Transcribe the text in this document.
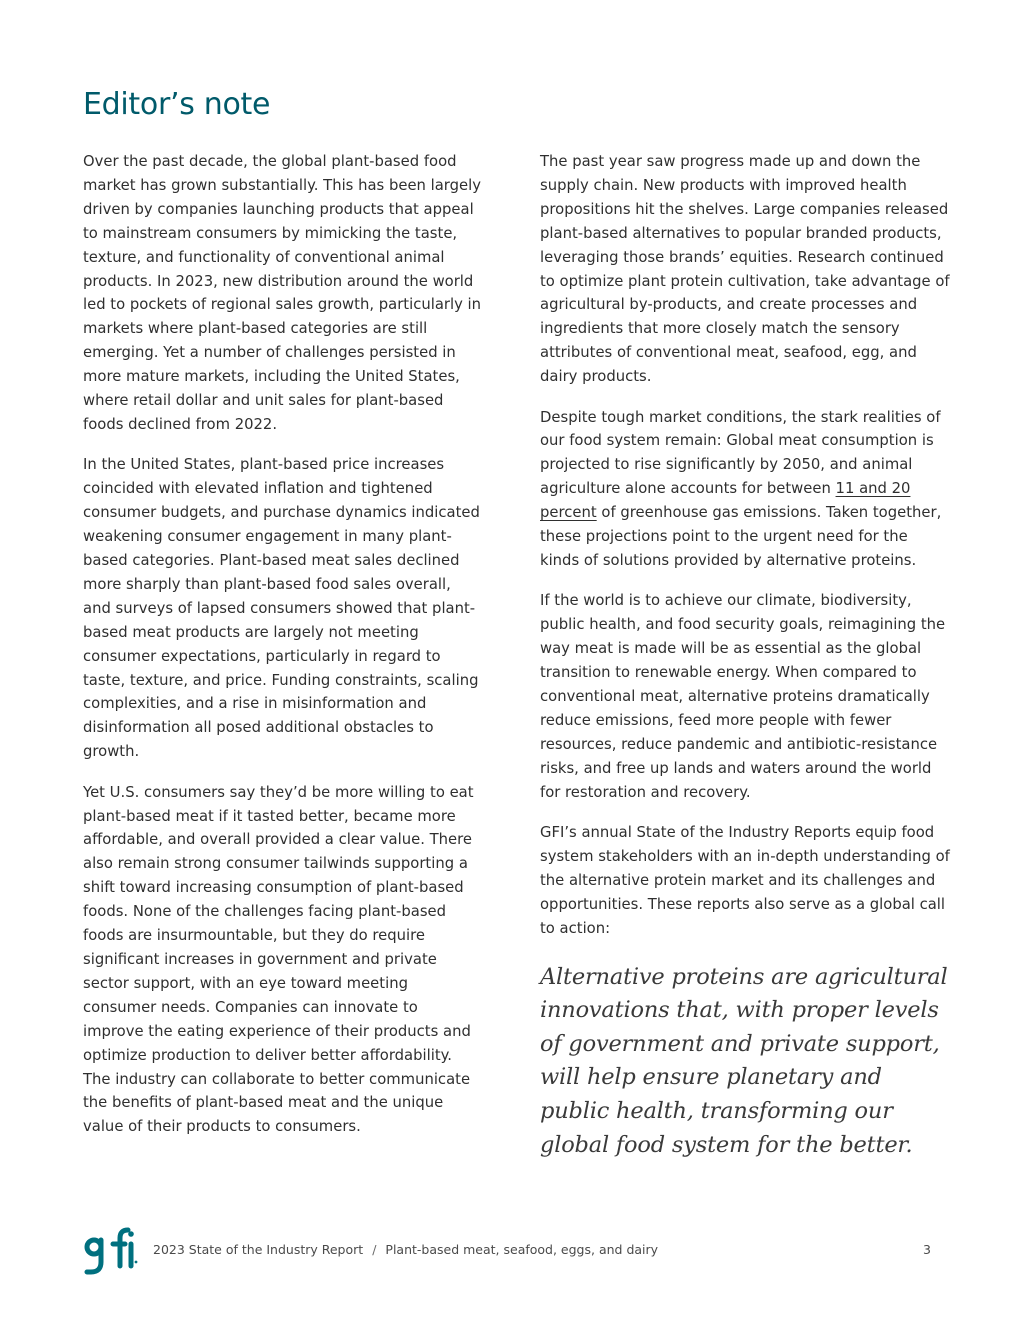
Editor’s note

Over the past decade, the global plant-based food market has grown substantially. This has been largely driven by companies launching products that appeal to mainstream consumers by mimicking the taste, texture, and functionality of conventional animal products. In 2023, new distribution around the world led to pockets of regional sales growth, particularly in markets where plant-based categories are still emerging. Yet a number of challenges persisted in more mature markets, including the United States, where retail dollar and unit sales for plant-based foods declined from 2022.

In the United States, plant-based price increases coincided with elevated inflation and tightened consumer budgets, and purchase dynamics indicated weakening consumer engagement in many plant-based categories. Plant-based meat sales declined more sharply than plant-based food sales overall, and surveys of lapsed consumers showed that plant-based meat products are largely not meeting consumer expectations, particularly in regard to taste, texture, and price. Funding constraints, scaling complexities, and a rise in misinformation and disinformation all posed additional obstacles to growth.

Yet U.S. consumers say they’d be more willing to eat plant-based meat if it tasted better, became more affordable, and overall provided a clear value. There also remain strong consumer tailwinds supporting a shift toward increasing consumption of plant-based foods. None of the challenges facing plant-based foods are insurmountable, but they do require significant increases in government and private sector support, with an eye toward meeting consumer needs. Companies can innovate to improve the eating experience of their products and optimize production to deliver better affordability. The industry can collaborate to better communicate the benefits of plant-based meat and the unique value of their products to consumers.

The past year saw progress made up and down the supply chain. New products with improved health propositions hit the shelves. Large companies released plant-based alternatives to popular branded products, leveraging those brands’ equities. Research continued to optimize plant protein cultivation, take advantage of agricultural by-products, and create processes and ingredients that more closely match the sensory attributes of conventional meat, seafood, egg, and dairy products.

Despite tough market conditions, the stark realities of our food system remain: Global meat consumption is projected to rise significantly by 2050, and animal agriculture alone accounts for between 11 and 20 percent of greenhouse gas emissions. Taken together, these projections point to the urgent need for the kinds of solutions provided by alternative proteins.

If the world is to achieve our climate, biodiversity, public health, and food security goals, reimagining the way meat is made will be as essential as the global transition to renewable energy. When compared to conventional meat, alternative proteins dramatically reduce emissions, feed more people with fewer resources, reduce pandemic and antibiotic-resistance risks, and free up lands and waters around the world for restoration and recovery.

GFI’s annual State of the Industry Reports equip food system stakeholders with an in-depth understanding of the alternative protein market and its challenges and opportunities. These reports also serve as a global call to action:

Alternative proteins are agricultural innovations that, with proper levels of government and private support, will help ensure planetary and public health, transforming our global food system for the better.
2023 State of the Industry Report / Plant-based meat, seafood, eggs, and dairy	3
